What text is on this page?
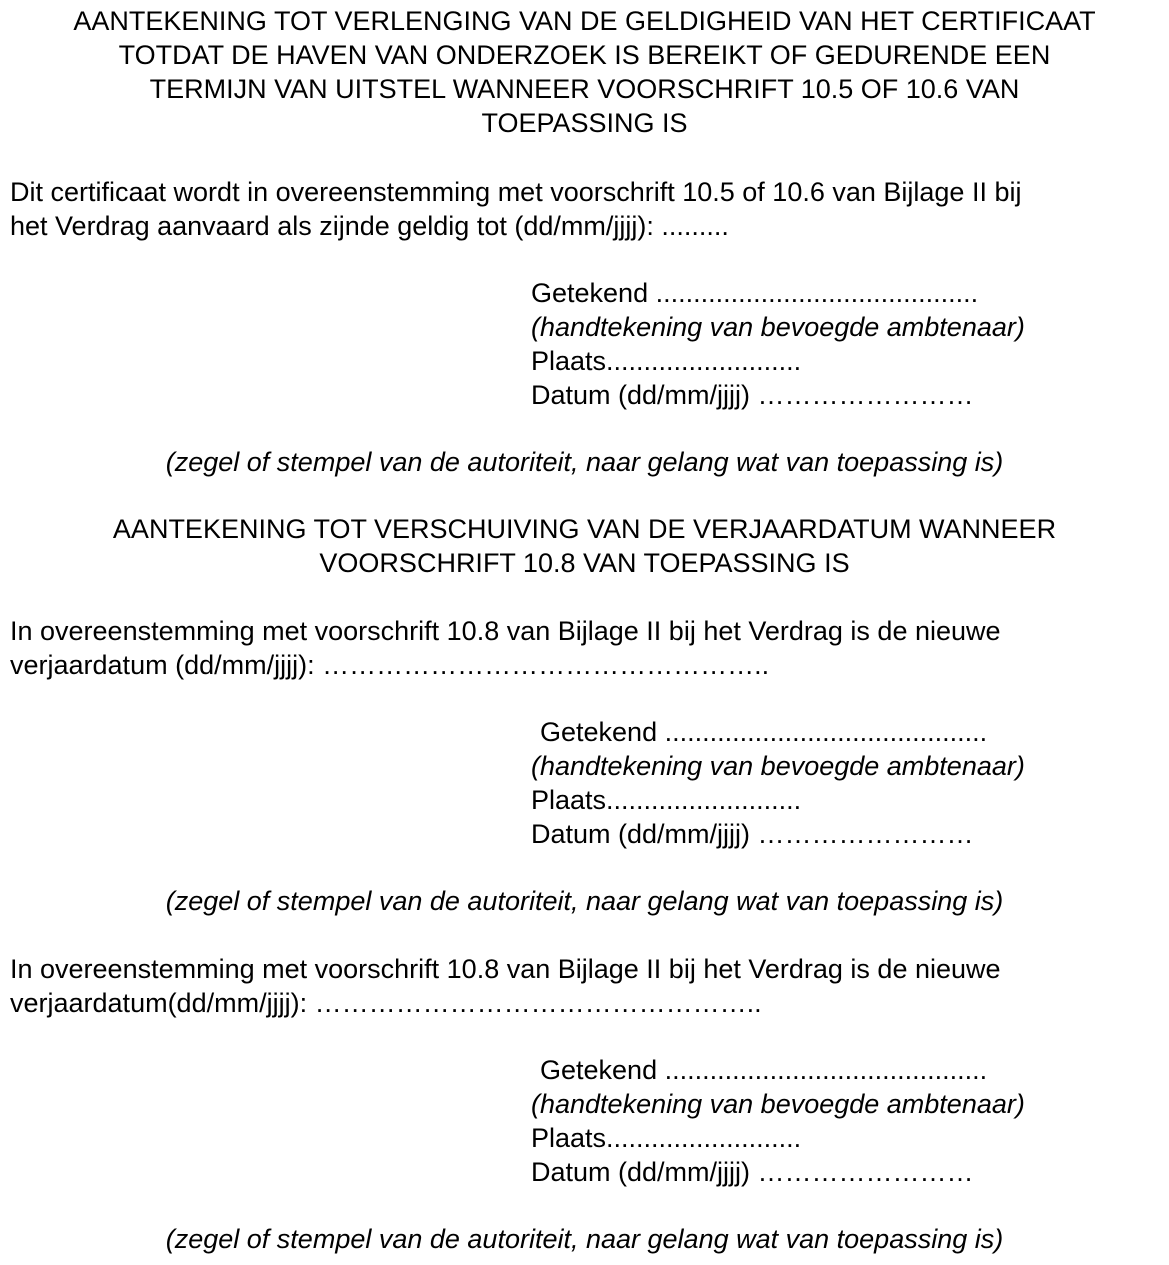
AANTEKENING TOT VERLENGING VAN DE GELDIGHEID VAN HET CERTIFICAAT
TOTDAT DE HAVEN VAN ONDERZOEK IS BEREIKT OF GEDURENDE EEN
TERMIJN VAN UITSTEL WANNEER VOORSCHRIFT 10.5 OF 10.6 VAN
TOEPASSING IS

Dit certificaat wordt in overeenstemming met voorschrift 10.5 of 10.6 van Bijlage II bij
het Verdrag aanvaard als zijnde geldig tot (dd/mm/jjjj): .........

Getekend ...........................................
(handtekening van bevoegde ambtenaar)
Plaats..........................
Datum (dd/mm/jjjj) ……………………
(zegel of stempel van de autoriteit, naar gelang wat van toepassing is)
AANTEKENING TOT VERSCHUIVING VAN DE VERJAARDATUM WANNEER
VOORSCHRIFT 10.8 VAN TOEPASSING IS

In overeenstemming met voorschrift 10.8 van Bijlage II bij het Verdrag is de nieuwe
verjaardatum (dd/mm/jjjj): …………………………………………..

Getekend ...........................................
(handtekening van bevoegde ambtenaar)
Plaats..........................
Datum (dd/mm/jjjj) ……………………
(zegel of stempel van de autoriteit, naar gelang wat van toepassing is)

In overeenstemming met voorschrift 10.8 van Bijlage II bij het Verdrag is de nieuwe
verjaardatum(dd/mm/jjjj): …………………………………………..

Getekend ...........................................
(handtekening van bevoegde ambtenaar)
Plaats..........................
Datum (dd/mm/jjjj) ……………………
(zegel of stempel van de autoriteit, naar gelang wat van toepassing is)
